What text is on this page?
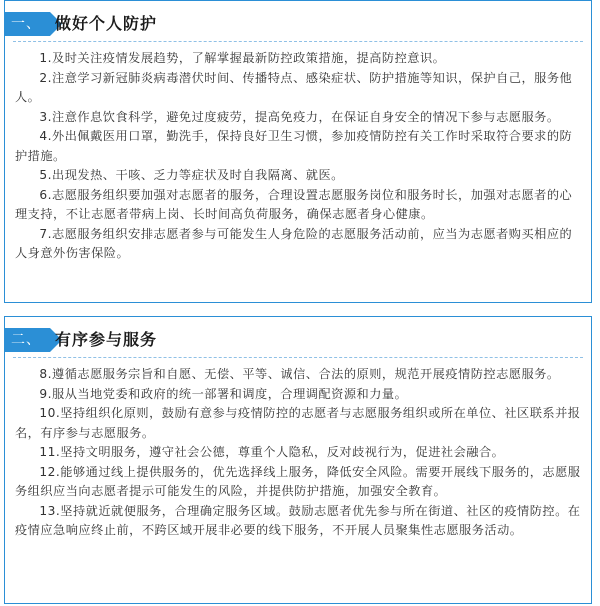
一、 做好个人防护

1.及时关注疫情发展趋势，了解掌握最新防控政策措施，提高防控意识。

2.注意学习新冠肺炎病毒潜伏时间、传播特点、感染症状、防护措施等知识，保护自己，服务他人。

3.注意作息饮食科学，避免过度疲劳，提高免疫力，在保证自身安全的情况下参与志愿服务。

4.外出佩戴医用口罩，勤洗手，保持良好卫生习惯，参加疫情防控有关工作时采取符合要求的防护措施。

5.出现发热、干咳、乏力等症状及时自我隔离、就医。

6.志愿服务组织要加强对志愿者的服务，合理设置志愿服务岗位和服务时长，加强对志愿者的心理支持，不让志愿者带病上岗、长时间高负荷服务，确保志愿者身心健康。

7.志愿服务组织安排志愿者参与可能发生人身危险的志愿服务活动前，应当为志愿者购买相应的人身意外伤害保险。

二、 有序参与服务

8.遵循志愿服务宗旨和自愿、无偿、平等、诚信、合法的原则，规范开展疫情防控志愿服务。

9.服从当地党委和政府的统一部署和调度，合理调配资源和力量。

10.坚持组织化原则，鼓励有意参与疫情防控的志愿者与志愿服务组织或所在单位、社区联系并报名，有序参与志愿服务。

11.坚持文明服务，遵守社会公德，尊重个人隐私，反对歧视行为，促进社会融合。

12.能够通过线上提供服务的，优先选择线上服务，降低安全风险。需要开展线下服务的，志愿服务组织应当向志愿者提示可能发生的风险，并提供防护措施，加强安全教育。

13.坚持就近就便服务，合理确定服务区域。鼓励志愿者优先参与所在街道、社区的疫情防控。在疫情应急响应终止前，不跨区域开展非必要的线下服务，不开展人员聚集性志愿服务活动。
